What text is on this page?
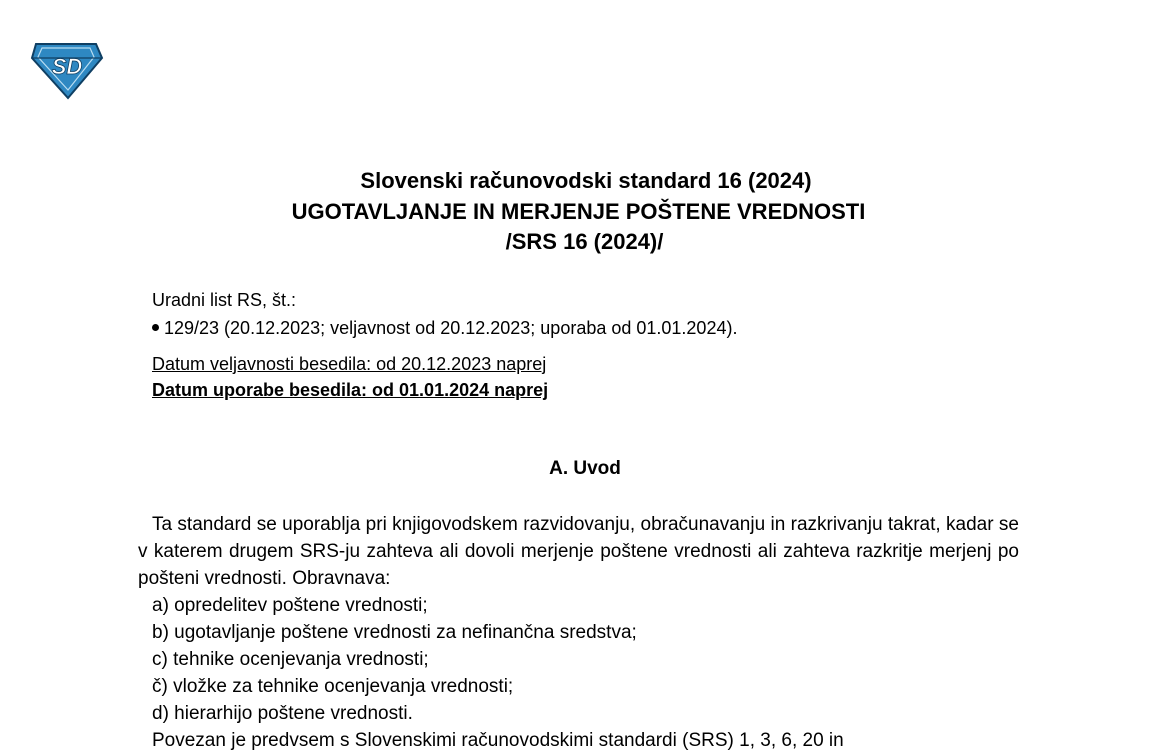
SD
Slovenski računovodski standard 16 (2024)
UGOTAVLJANJE IN MERJENJE POŠTENE VREDNOSTI
/SRS 16 (2024)/
Uradni list RS, št.:
129/23 (20.12.2023; veljavnost od 20.12.2023; uporaba od 01.01.2024).
Datum veljavnosti besedila: od 20.12.2023 naprej
Datum uporabe besedila: od 01.01.2024 naprej
A. Uvod
Ta standard se uporablja pri knjigovodskem razvidovanju, obračunavanju in razkrivanju takrat, kadar se v katerem drugem SRS-ju zahteva ali dovoli merjenje poštene vrednosti ali zahteva razkritje merjenj po pošteni vrednosti. Obravnava:
a) opredelitev poštene vrednosti;
b) ugotavljanje poštene vrednosti za nefinančna sredstva;
c) tehnike ocenjevanja vrednosti;
č) vložke za tehnike ocenjevanja vrednosti;
d) hierarhijo poštene vrednosti.
Povezan je predvsem s Slovenskimi računovodskimi standardi (SRS) 1, 3, 6, 20 in
